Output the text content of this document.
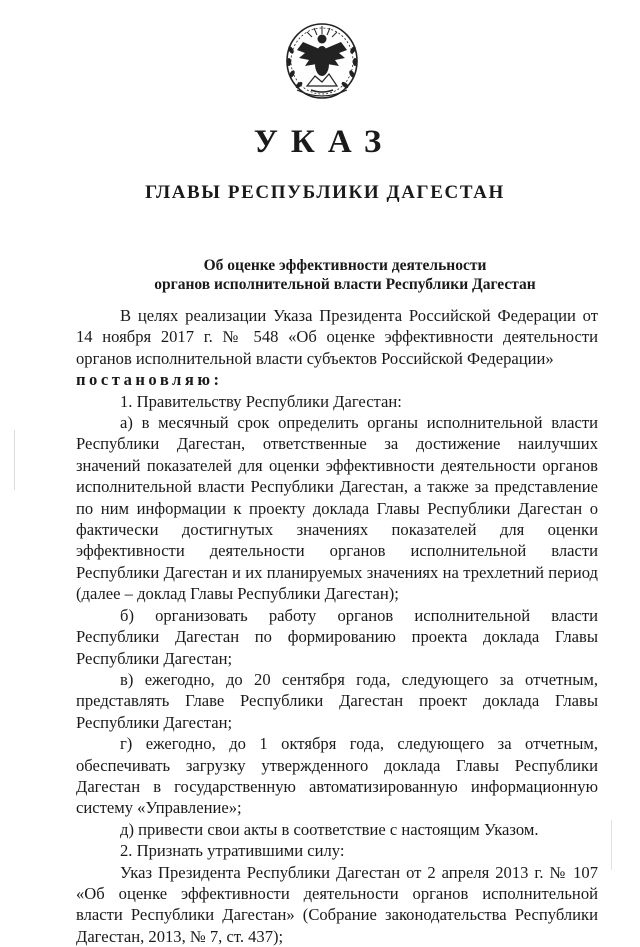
УКАЗ
ГЛАВЫ РЕСПУБЛИКИ ДАГЕСТАН
Об оценке эффективности деятельности
органов исполнительной власти Республики Дагестан

В целях реализации Указа Президента Российской Федерации от 14 ноября 2017 г. № 548 «Об оценке эффективности деятельности органов исполнительной власти субъектов Российской Федерации»

постановляю:

1. Правительству Республики Дагестан:

а) в месячный срок определить органы исполнительной власти Республики Дагестан, ответственные за достижение наилучших значений показателей для оценки эффективности деятельности органов исполнительной власти Республики Дагестан, а также за представление по ним информации к проекту доклада Главы Республики Дагестан о фактически достигнутых значениях показателей для оценки эффективности деятельности органов исполнительной власти Республики Дагестан и их планируемых значениях на трехлетний период (далее – доклад Главы Республики Дагестан);

б) организовать работу органов исполнительной власти Республики Дагестан по формированию проекта доклада Главы Республики Дагестан;

в) ежегодно, до 20 сентября года, следующего за отчетным, представлять Главе Республики Дагестан проект доклада Главы Республики Дагестан;

г) ежегодно, до 1 октября года, следующего за отчетным, обеспечивать загрузку утвержденного доклада Главы Республики Дагестан в государственную автоматизированную информационную систему «Управление»;

д) привести свои акты в соответствие с настоящим Указом.

2. Признать утратившими силу:

Указ Президента Республики Дагестан от 2 апреля 2013 г. № 107 «Об оценке эффективности деятельности органов исполнительной власти Республики Дагестан» (Собрание законодательства Республики Дагестан, 2013, № 7, ст. 437);
